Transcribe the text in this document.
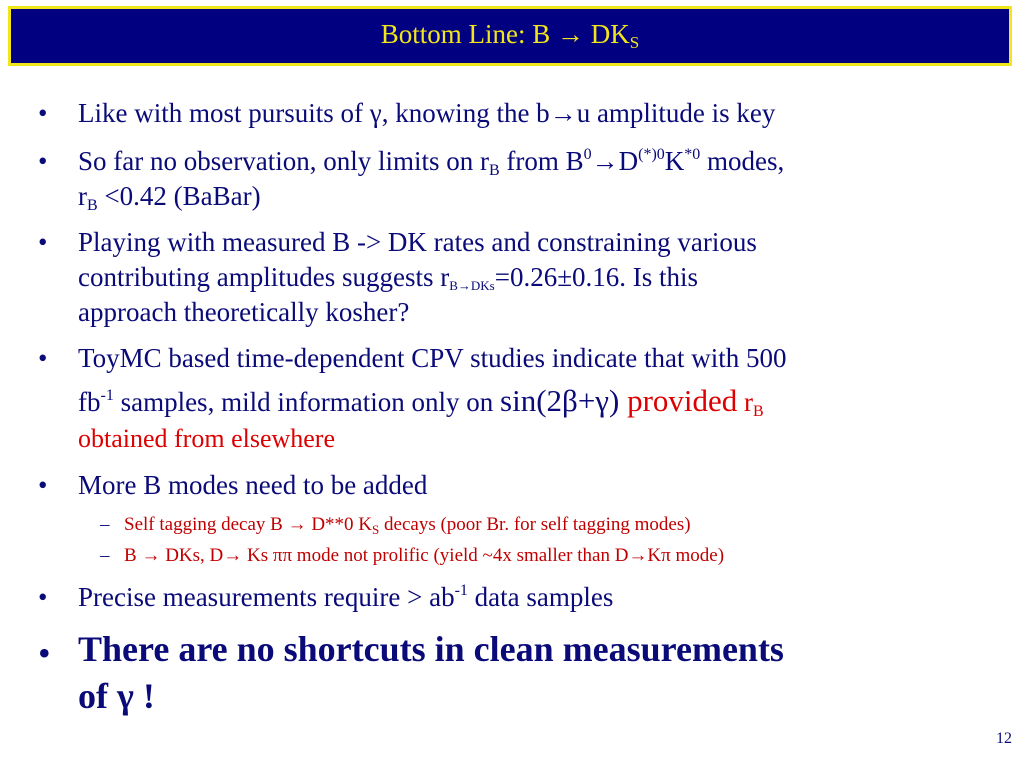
Bottom Line: $B \to DK_S$
• Like with most pursuits of γ, knowing the b→u amplitude is key
• So far no observation, only limits on $r_B$ from $B^0\to D^{(*)0}K^{*0}$ modes,
$r_B <0.42$ (BaBar)
• Playing with measured B -> DK rates and constraining various
contributing amplitudes suggests $r_{B\to DKs}=0.26\pm 0.16$. Is this
approach theoretically kosher?
• ToyMC based time-dependent CPV studies indicate that with 500
$fb^{-1}$ samples, mild information only on sin(2β+γ) provided $r_B$
obtained from elsewhere
• More B modes need to be added
– Self tagging decay B → D**0 $K_S$ decays (poor Br. for self tagging modes)
– B → DKs, D→ Ks ππ mode not prolific (yield ~4x smaller than D→Kπ mode)
• Precise measurements require > $ab^{-1}$ data samples
• There are no shortcuts in clean measurements
of γ !
12
